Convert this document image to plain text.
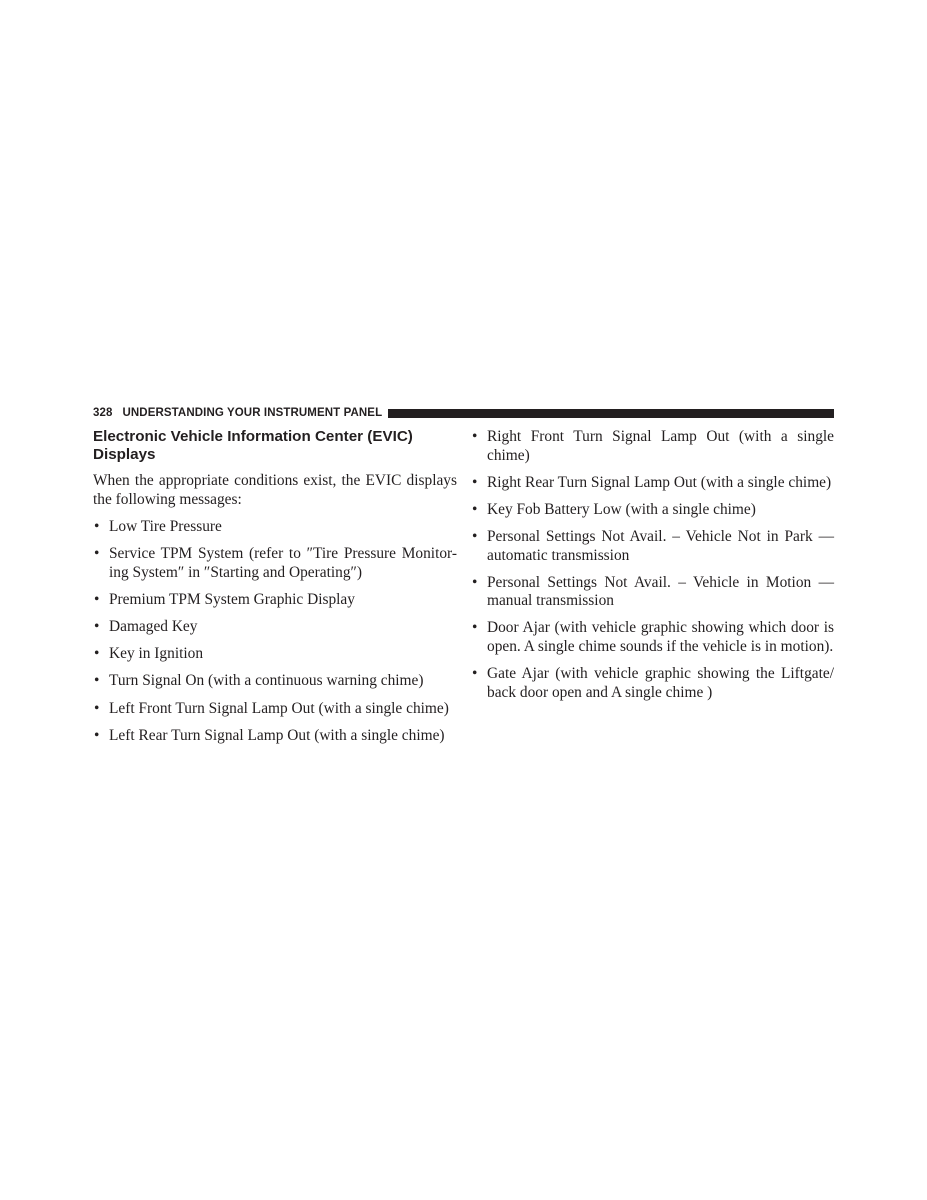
328 UNDERSTANDING YOUR INSTRUMENT PANEL
Electronic Vehicle Information Center (EVIC)
Displays

When the appropriate conditions exist, the EVIC displays the following messages:

• Low Tire Pressure
• Service TPM System (refer to ″Tire Pressure Monitor-ing System″ in ″Starting and Operating″)
• Premium TPM System Graphic Display
• Damaged Key
• Key in Ignition
• Turn Signal On (with a continuous warning chime)
• Left Front Turn Signal Lamp Out (with a single chime)
• Left Rear Turn Signal Lamp Out (with a single chime)
• Right Front Turn Signal Lamp Out (with a single chime)
• Right Rear Turn Signal Lamp Out (with a single chime)
• Key Fob Battery Low (with a single chime)
• Personal Settings Not Avail. – Vehicle Not in Park — automatic transmission
• Personal Settings Not Avail. – Vehicle in Motion — manual transmission
• Door Ajar (with vehicle graphic showing which door is open. A single chime sounds if the vehicle is in motion).
• Gate Ajar (with vehicle graphic showing the Liftgate/ back door open and A single chime )
